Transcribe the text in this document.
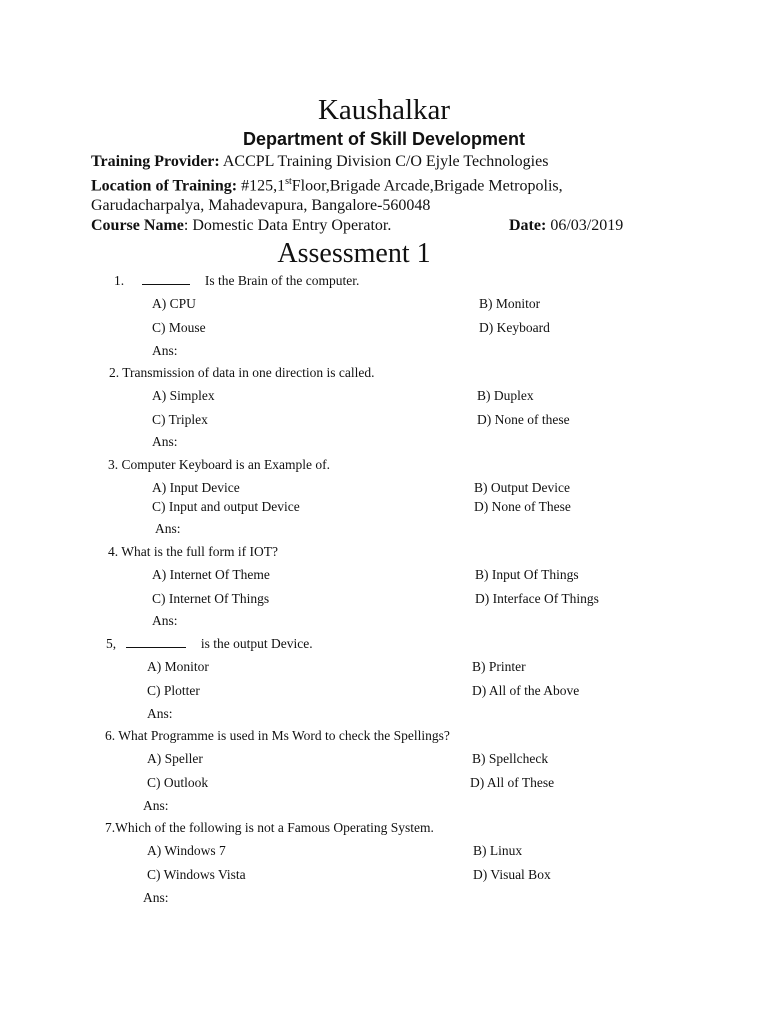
Kaushalkar
Department of Skill Development
Training Provider: ACCPL Training Division C/O Ejyle Technologies
Location of Training: #125,1stFloor,Brigade Arcade,Brigade Metropolis,
Garudacharpalya, Mahadevapura, Bangalore-560048
Course Name: Domestic Data Entry Operator.	Date: 06/03/2019
Assessment 1
1.	Is the Brain of the computer.
A) CPU	B) Monitor
C) Mouse	D) Keyboard
Ans:
2. Transmission of data in one direction is called.
A) Simplex	B) Duplex
C) Triplex	D) None of these
Ans:
3. Computer Keyboard is an Example of.
A) Input Device	B) Output Device
C) Input and output Device	D) None of These
Ans:
4. What is the full form if IOT?
A) Internet Of Theme	B) Input Of Things
C) Internet Of Things	D) Interface Of Things
Ans:
5,	is the output Device.
A) Monitor	B) Printer
C) Plotter	D) All of the Above
Ans:
6. What Programme is used in Ms Word to check the Spellings?
A) Speller	B) Spellcheck
C) Outlook	D) All of These
Ans:
7.Which of the following is not a Famous Operating System.
A) Windows 7	B) Linux
C) Windows Vista	D) Visual Box
Ans:
